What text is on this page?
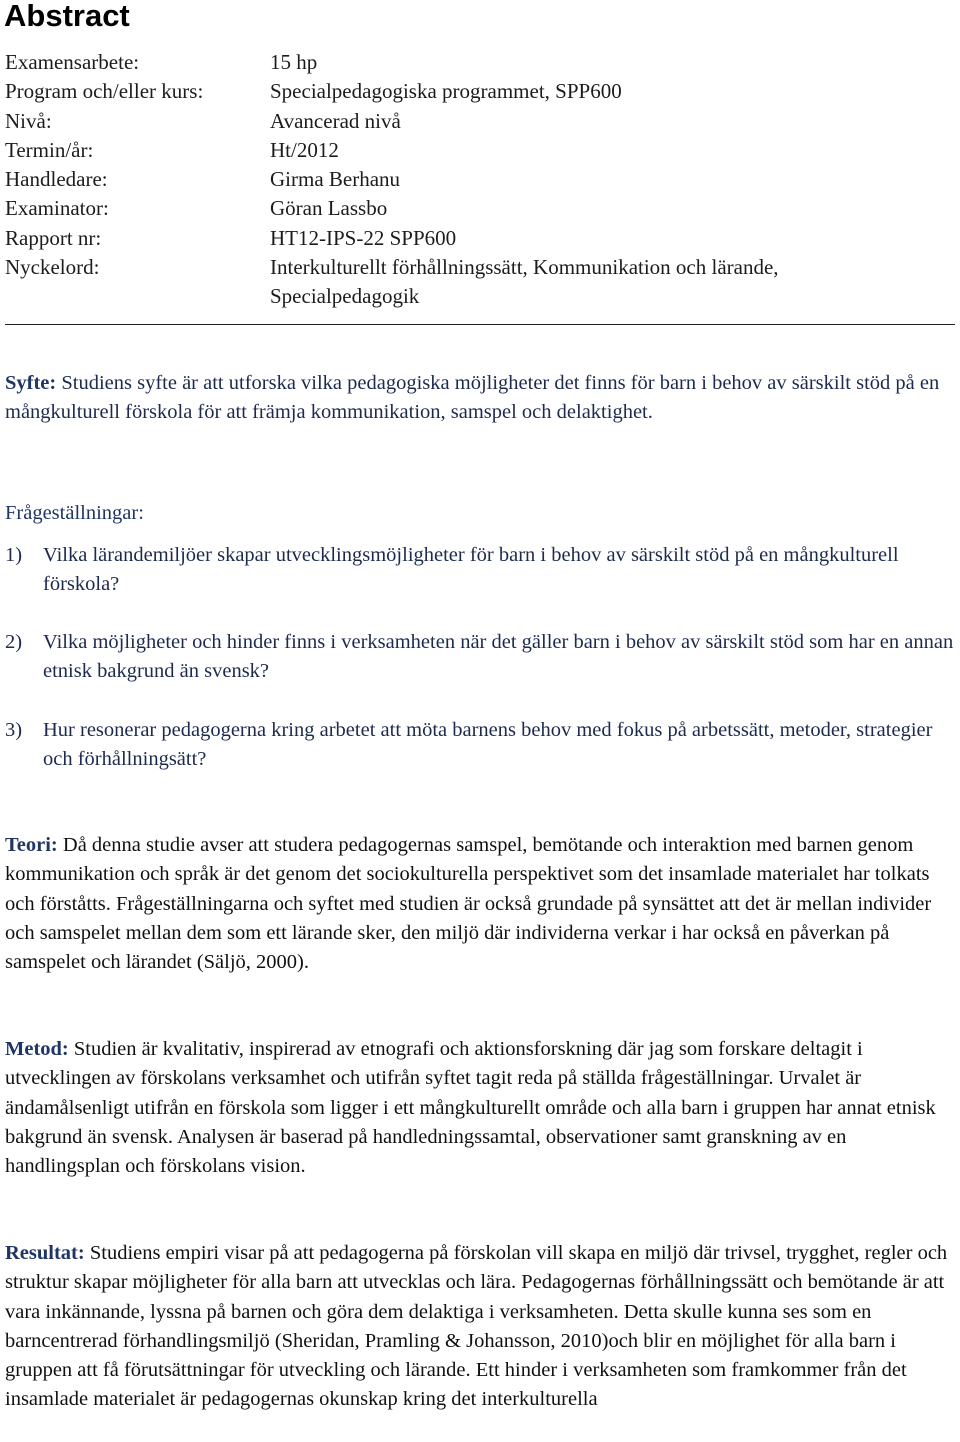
Abstract
Examensarbete:	15 hp
Program och/eller kurs:	Specialpedagogiska programmet, SPP600
Nivå:	Avancerad nivå
Termin/år:	Ht/2012
Handledare:	Girma Berhanu
Examinator:	Göran Lassbo
Rapport nr:	HT12-IPS-22 SPP600
Nyckelord:	Interkulturellt förhållningssätt, Kommunikation och lärande, Specialpedagogik
Syfte: Studiens syfte är att utforska vilka pedagogiska möjligheter det finns för barn i behov av särskilt stöd på en mångkulturell förskola för att främja kommunikation, samspel och delaktighet.
Frågeställningar:
1) Vilka lärandemiljöer skapar utvecklingsmöjligheter för barn i behov av särskilt stöd på en mångkulturell förskola?
2) Vilka möjligheter och hinder finns i verksamheten när det gäller barn i behov av särskilt stöd som har en annan etnisk bakgrund än svensk?
3) Hur resonerar pedagogerna kring arbetet att möta barnens behov med fokus på arbetssätt, metoder, strategier och förhållningsätt?
Teori: Då denna studie avser att studera pedagogernas samspel, bemötande och interaktion med barnen genom kommunikation och språk är det genom det sociokulturella perspektivet som det insamlade materialet har tolkats och förståtts. Frågeställningarna och syftet med studien är också grundade på synsättet att det är mellan individer och samspelet mellan dem som ett lärande sker, den miljö där individerna verkar i har också en påverkan på samspelet och lärandet (Säljö, 2000).
Metod: Studien är kvalitativ, inspirerad av etnografi och aktionsforskning där jag som forskare deltagit i utvecklingen av förskolans verksamhet och utifrån syftet tagit reda på ställda frågeställningar. Urvalet är ändamålsenligt utifrån en förskola som ligger i ett mångkulturellt område och alla barn i gruppen har annat etnisk bakgrund än svensk. Analysen är baserad på handledningssamtal, observationer samt granskning av en handlingsplan och förskolans vision.
Resultat: Studiens empiri visar på att pedagogerna på förskolan vill skapa en miljö där trivsel, trygghet, regler och struktur skapar möjligheter för alla barn att utvecklas och lära. Pedagogernas förhållningssätt och bemötande är att vara inkännande, lyssna på barnen och göra dem delaktiga i verksamheten. Detta skulle kunna ses som en barncentrerad förhandlingsmiljö (Sheridan, Pramling & Johansson, 2010)och blir en möjlighet för alla barn i gruppen att få förutsättningar för utveckling och lärande. Ett hinder i verksamheten som framkommer från det insamlade materialet är pedagogernas okunskap kring det interkulturella
